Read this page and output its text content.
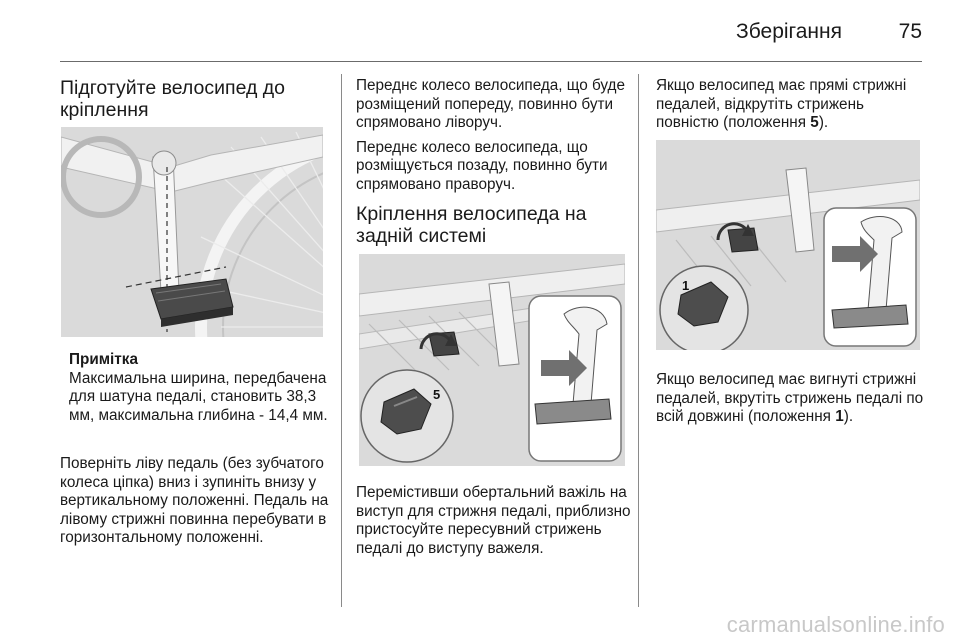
Зберігання	75
Підготуйте велосипед до кріплення
Примітка
Максимальна ширина, передбачена для шатуна педалі, становить 38,3 мм, максимальна глибина - 14,4 мм.

Поверніть ліву педаль (без зубчатого колеса ціпка) вниз і зупиніть внизу у вертикальному положенні. Педаль на лівому стрижні повинна перебувати в горизонтальному положенні.

Переднє колесо велосипеда, що буде розміщений попереду, повинно бути спрямовано ліворуч.

Переднє колесо велосипеда, що розміщується позаду, повинно бути спрямовано праворуч.

Кріплення велосипеда на задній системі
5

Перемістивши обертальний важіль на виступ для стрижня педалі, приблизно пристосуйте пересувний стрижень педалі до виступу важеля.

Якщо велосипед має прямі стрижні педалей, відкрутіть стрижень повністю (положення 5).

1

Якщо велосипед має вигнуті стрижні педалей, вкрутіть стрижень педалі по всій довжині (положення 1).

carmanualsonline.info
